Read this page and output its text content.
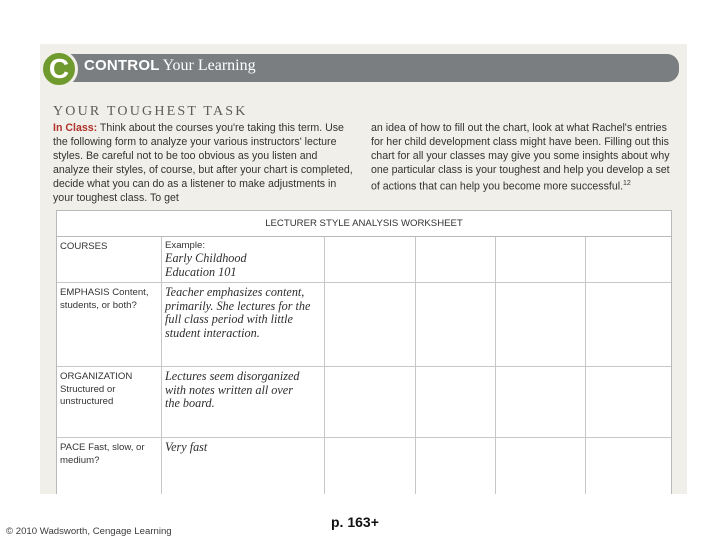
C CONTROL Your Learning
YOUR TOUGHEST TASK
In Class: Think about the courses you're taking this term. Use the following form to analyze your various instructors' lecture styles. Be careful not to be too obvious as you listen and analyze their styles, of course, but after your chart is completed, decide what you can do as a listener to make adjustments in your toughest class. To get
an idea of how to fill out the chart, look at what Rachel's entries for her child development class might have been. Filling out this chart for all your classes may give you some insights about why one particular class is your toughest and help you develop a set of actions that can help you become more successful.$^{12}$
LECTURER STYLE ANALYSIS WORKSHEET
COURSES	Example:
Early Childhood Education 101
EMPHASIS Content, students, or both?
Teacher emphasizes content, primarily. She lectures for the full class period with little student interaction.
ORGANIZATION Structured or unstructured
Lectures seem disorganized with notes written all over the board.
PACE Fast, slow, or medium?
Very fast
© 2010 Wadsworth, Cengage Learning
p. 163+
